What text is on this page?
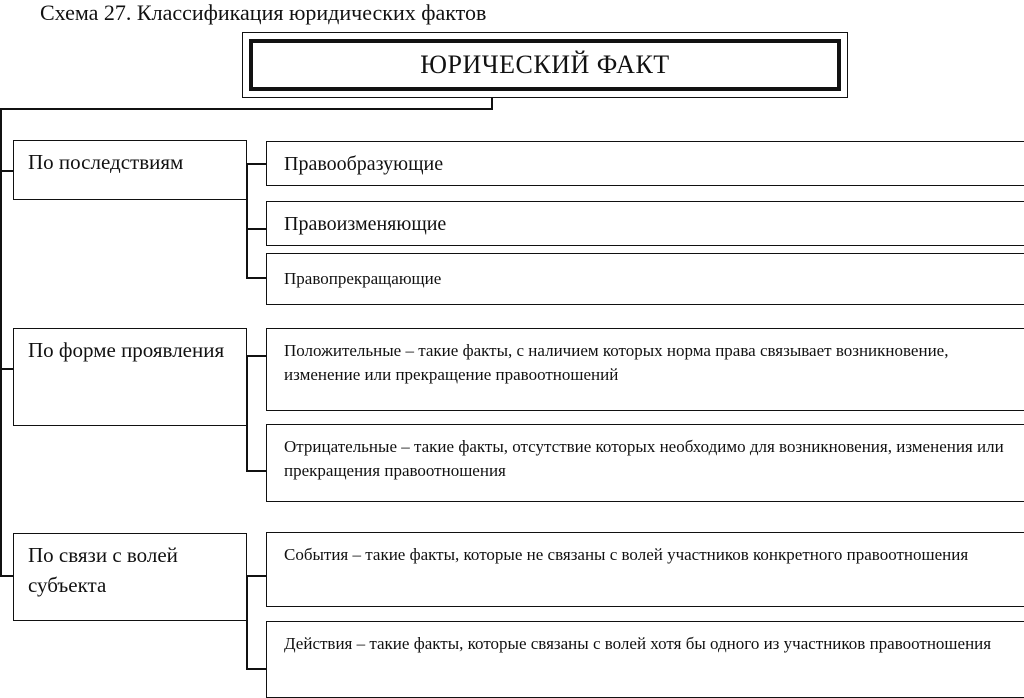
Схема 27. Классификация юридических фактов
ЮРИЧЕСКИЙ ФАКТ
По последствиям
По форме проявления
По связи с волей субъекта
Правообразующие
Правоизменяющие
Правопрекращающие
Положительные – такие факты, с наличием которых норма права связывает возникновение, изменение или прекращение правоотношений
Отрицательные – такие факты, отсутствие которых необходимо для возникновения, изменения или прекращения правоотношения
События – такие факты, которые не связаны с волей участников конкретного правоотношения
Действия – такие факты, которые связаны с волей хотя бы одного из участников правоотношения
